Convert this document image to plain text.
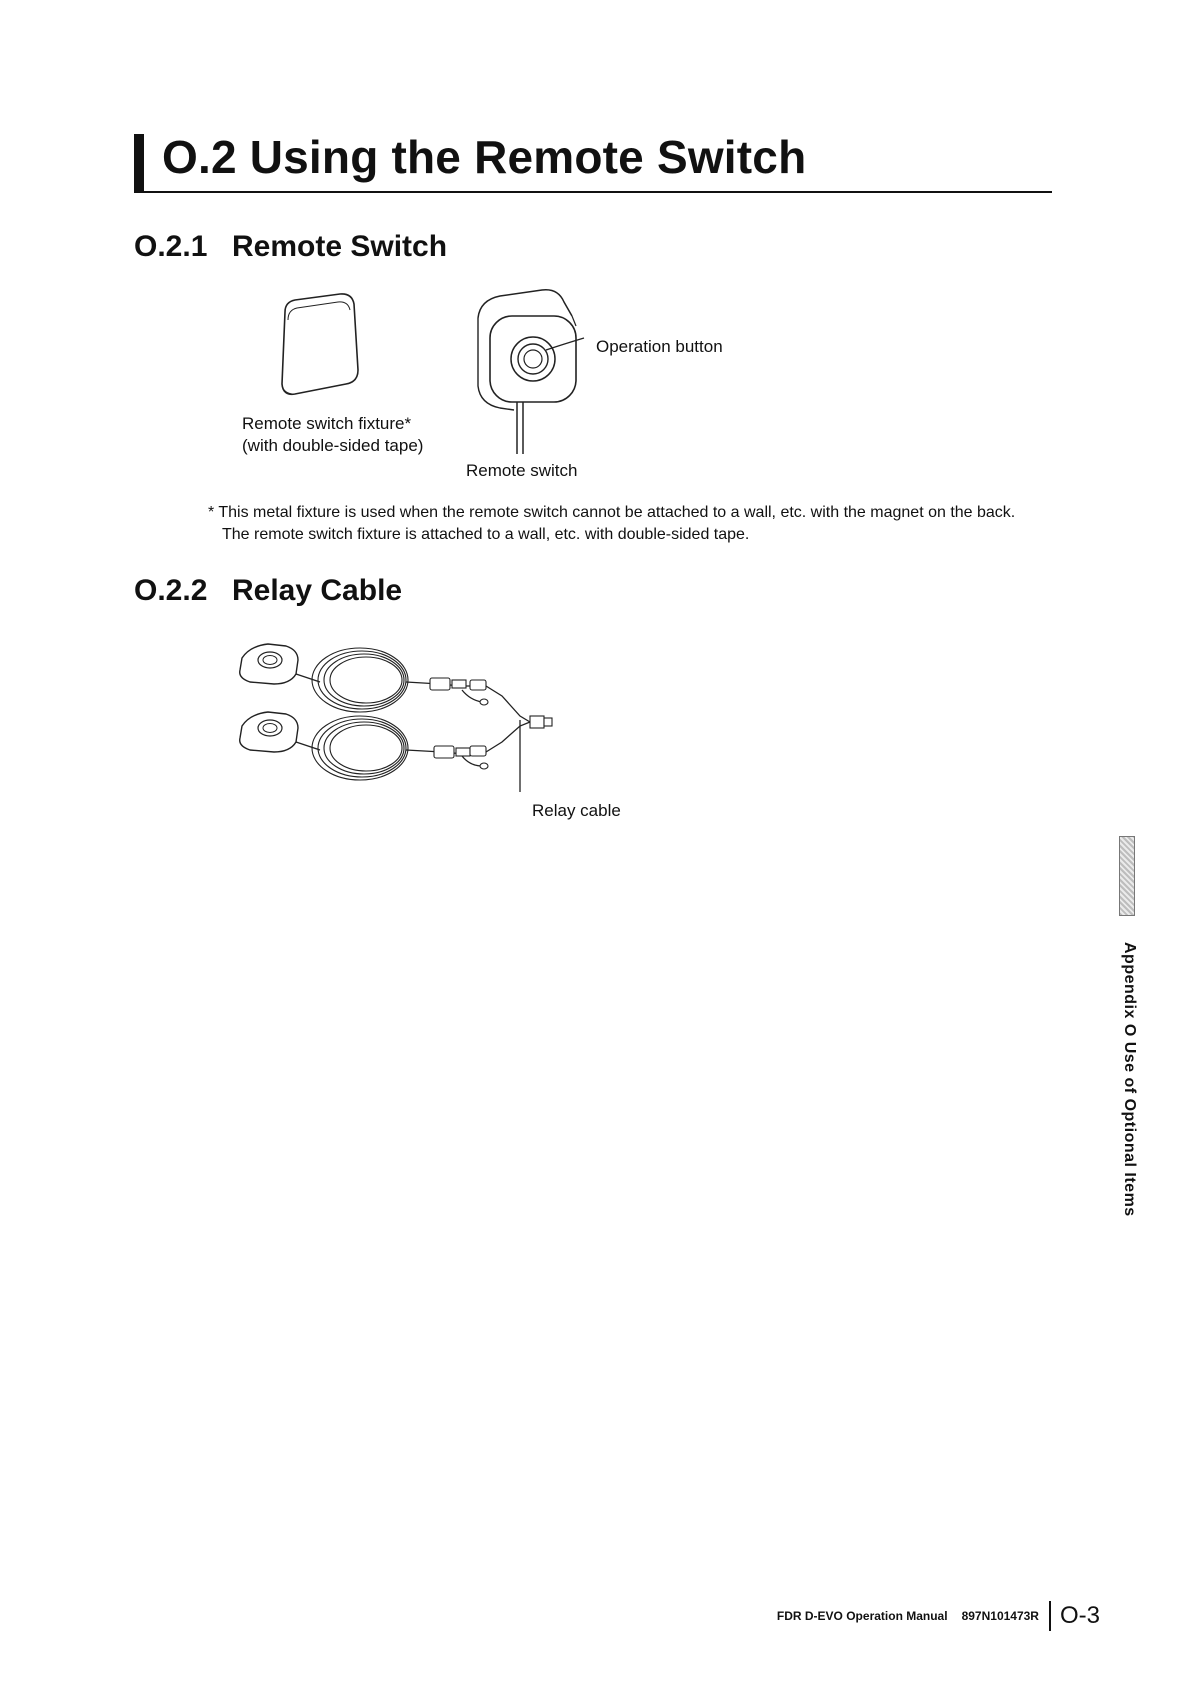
O.2 Using the Remote Switch
O.2.1 Remote Switch
Remote switch fixture*
(with double-sided tape)
Operation button
Remote switch
* This metal fixture is used when the remote switch cannot be attached to a wall, etc. with the magnet on the back.
The remote switch fixture is attached to a wall, etc. with double-sided tape.
O.2.2 Relay Cable
Relay cable
Appendix O Use of Optional Items
FDR D-EVO Operation Manual 897N101473R O-3
